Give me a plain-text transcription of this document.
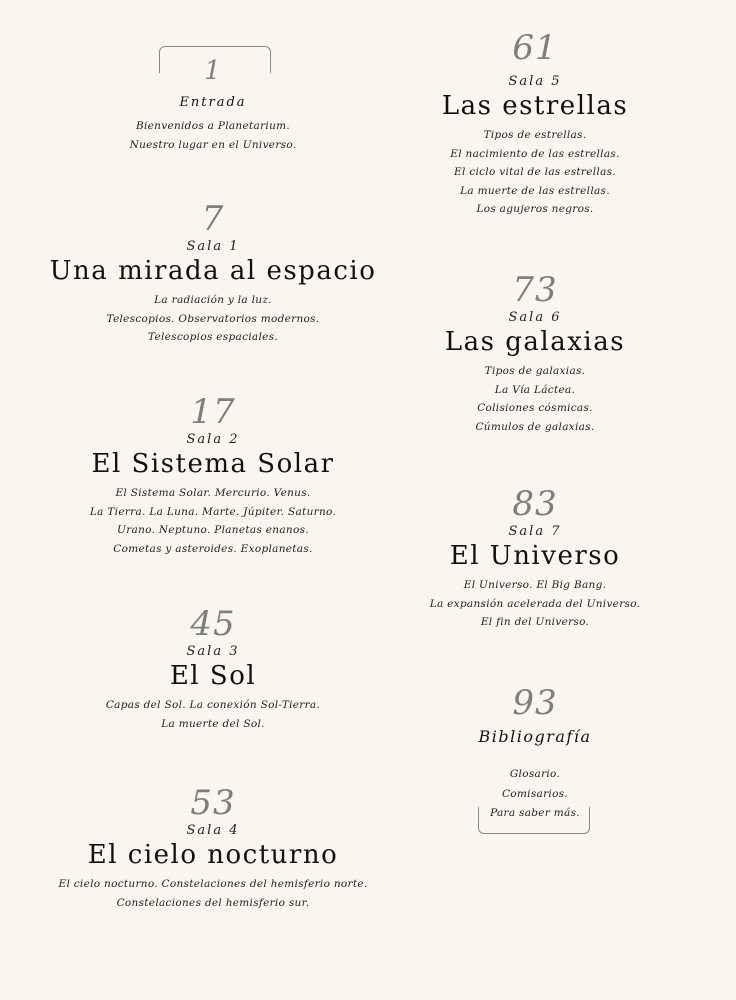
1
Entrada
Bienvenidos a Planetarium.
Nuestro lugar en el Universo.
7
Sala 1
Una mirada al espacio
La radiación y la luz.
Telescopios. Observatorios modernos.
Telescopios espaciales.
17
Sala 2
El Sistema Solar
El Sistema Solar. Mercurio. Venus.
La Tierra. La Luna. Marte. Júpiter. Saturno.
Urano. Neptuno. Planetas enanos.
Cometas y asteroides. Exoplanetas.
45
Sala 3
El Sol
Capas del Sol. La conexión Sol-Tierra.
La muerte del Sol.
53
Sala 4
El cielo nocturno
El cielo nocturno. Constelaciones del hemisferio norte.
Constelaciones del hemisferio sur.
61
Sala 5
Las estrellas
Tipos de estrellas.
El nacimiento de las estrellas.
El ciclo vital de las estrellas.
La muerte de las estrellas.
Los agujeros negros.
73
Sala 6
Las galaxias
Tipos de galaxias.
La Vía Láctea.
Colisiones cósmicas.
Cúmulos de galaxias.
83
Sala 7
El Universo
El Universo. El Big Bang.
La expansión acelerada del Universo.
El fin del Universo.
93
Bibliografía
Glosario.
Comisarios.
Para saber más.
